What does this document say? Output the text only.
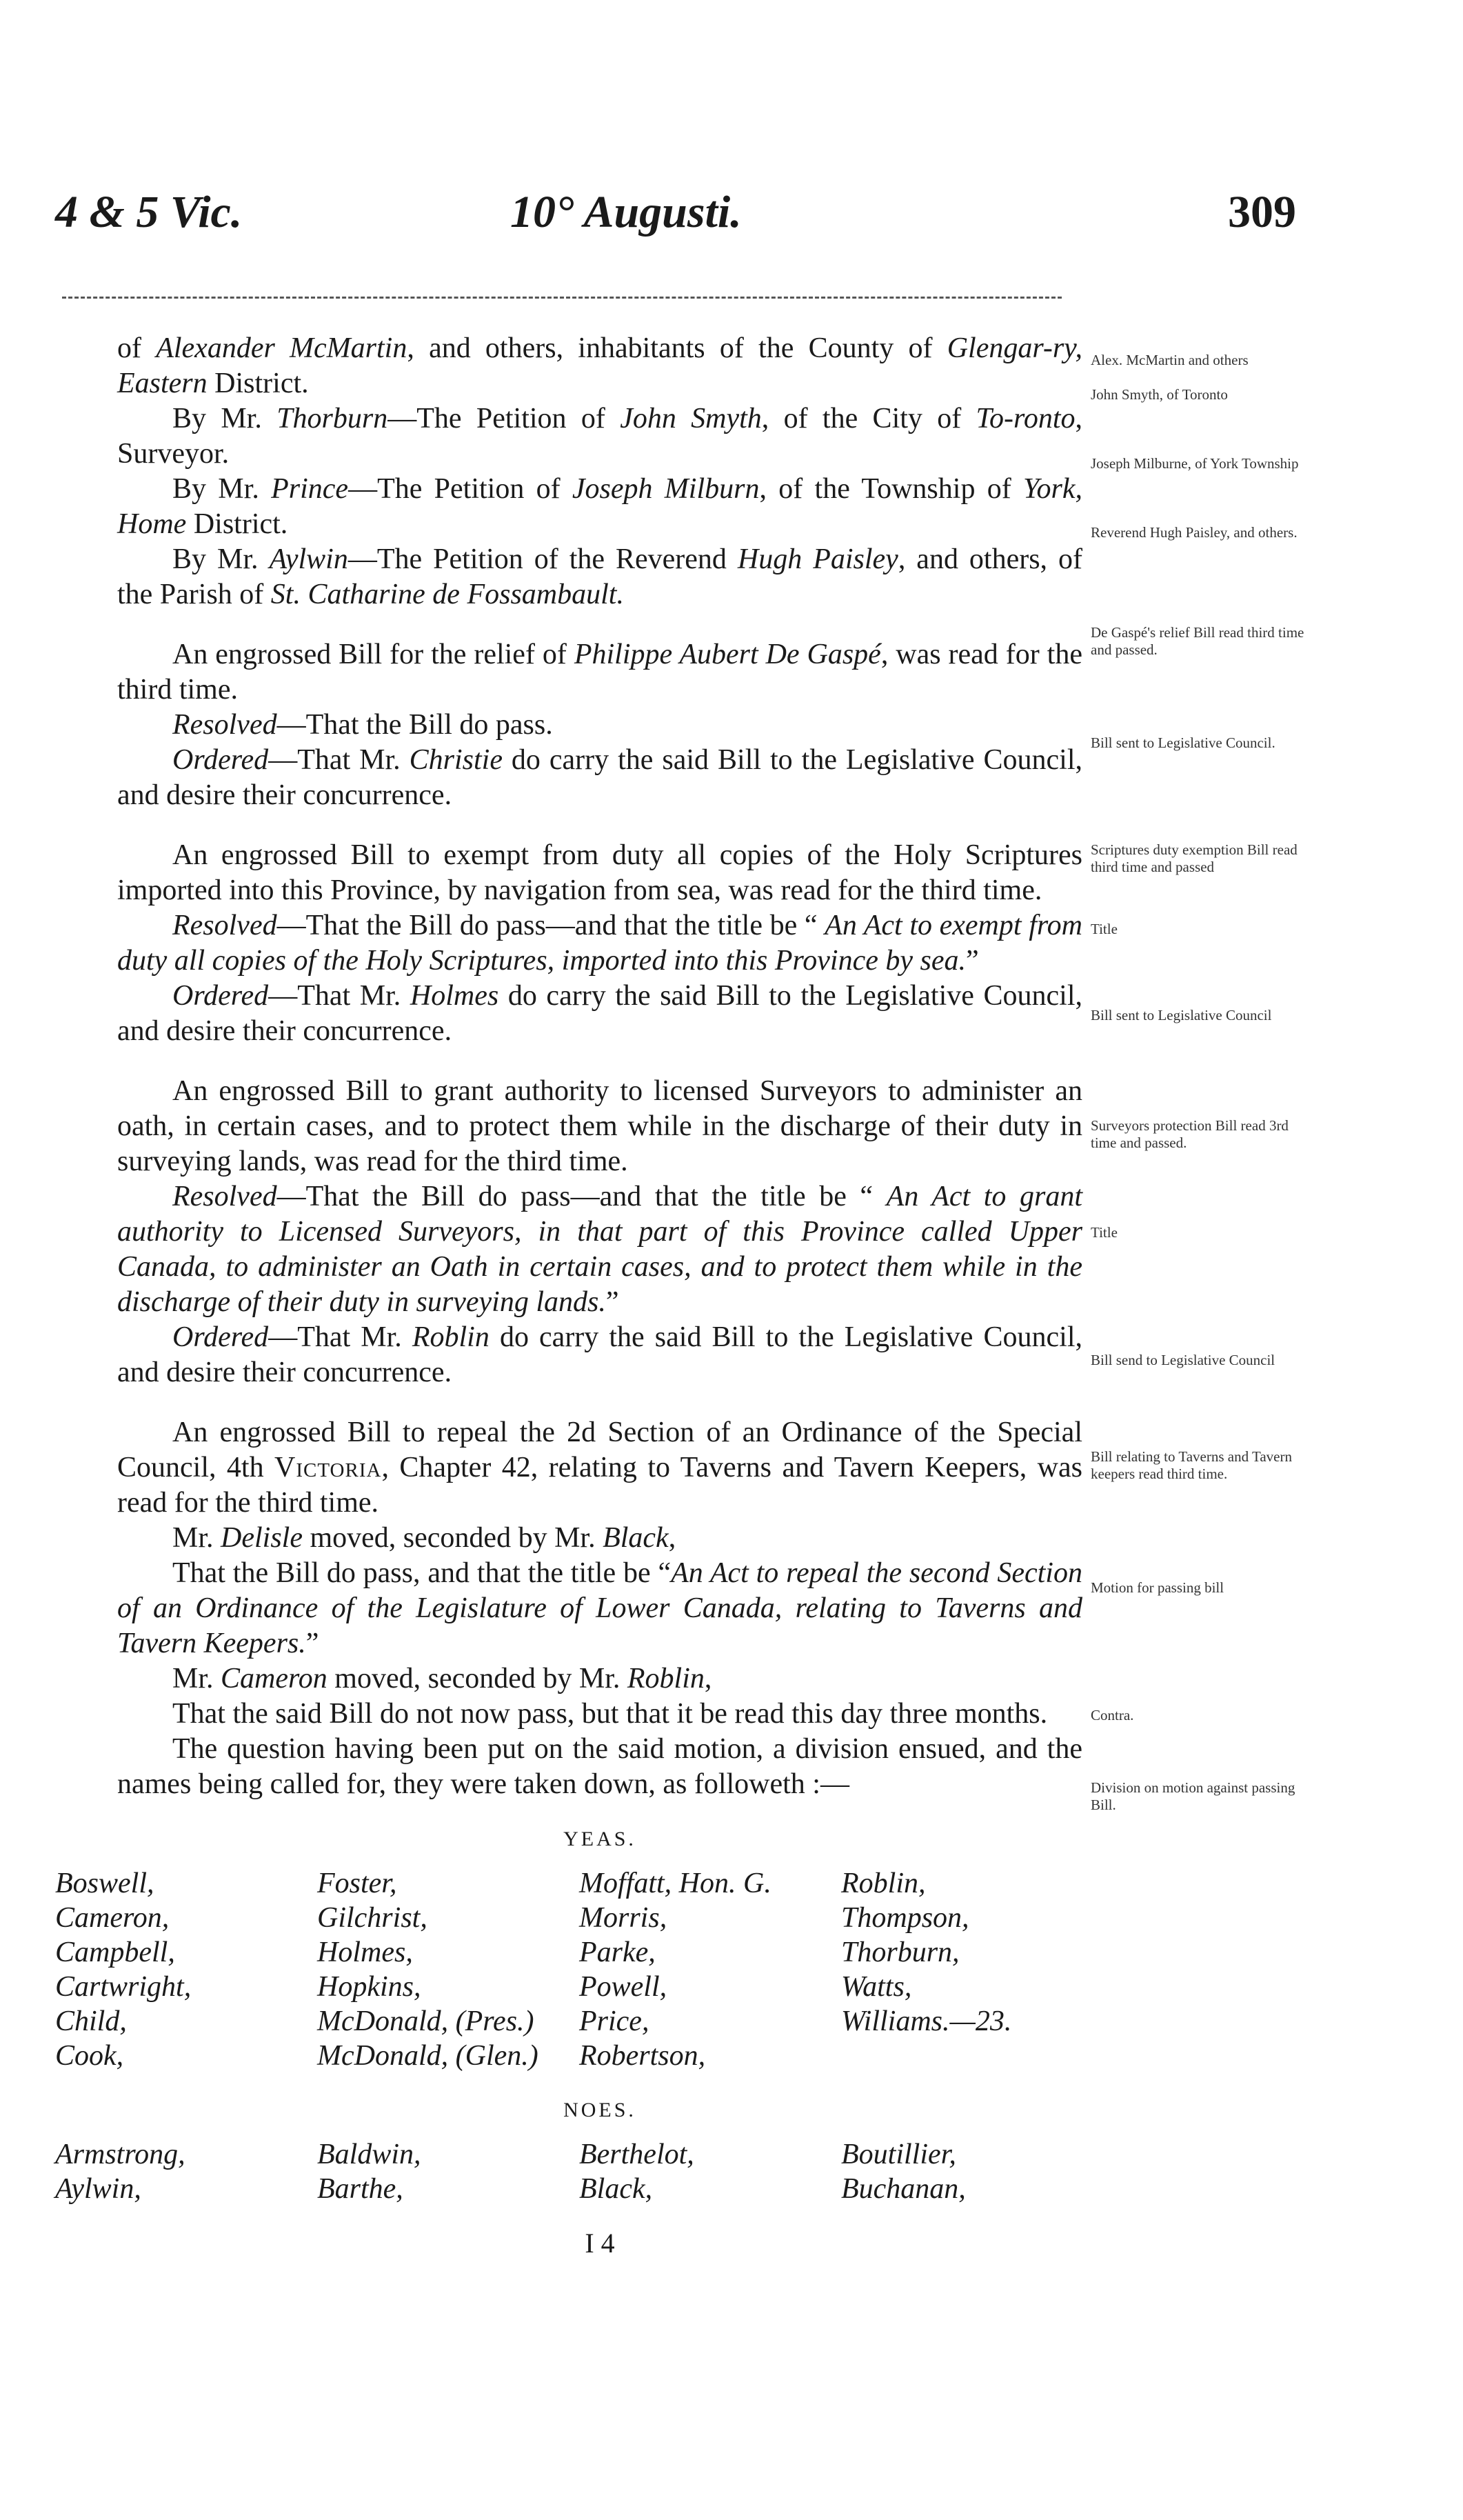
4 & 5 Vic.	10° Augusti.	309

of Alexander McMartin, and others, inhabitants of the County of Glengar-ry, Eastern District.

By Mr. Thorburn—The Petition of John Smyth, of the City of To-ronto, Surveyor.

By Mr. Prince—The Petition of Joseph Milburn, of the Township of York, Home District.

By Mr. Aylwin—The Petition of the Reverend Hugh Paisley, and others, of the Parish of St. Catharine de Fossambault.

An engrossed Bill for the relief of Philippe Aubert De Gaspé, was read for the third time.

Resolved—That the Bill do pass.

Ordered—That Mr. Christie do carry the said Bill to the Legislative Council, and desire their concurrence.

An engrossed Bill to exempt from duty all copies of the Holy Scriptures imported into this Province, by navigation from sea, was read for the third time.

Resolved—That the Bill do pass—and that the title be “ An Act to exempt from duty all copies of the Holy Scriptures, imported into this Province by sea.”

Ordered—That Mr. Holmes do carry the said Bill to the Legislative Council, and desire their concurrence.

An engrossed Bill to grant authority to licensed Surveyors to administer an oath, in certain cases, and to protect them while in the discharge of their duty in surveying lands, was read for the third time.

Resolved—That the Bill do pass—and that the title be “ An Act to grant authority to Licensed Surveyors, in that part of this Province called Upper Canada, to administer an Oath in certain cases, and to protect them while in the discharge of their duty in surveying lands.”

Ordered—That Mr. Roblin do carry the said Bill to the Legislative Council, and desire their concurrence.

An engrossed Bill to repeal the 2d Section of an Ordinance of the Special Council, 4th Victoria, Chapter 42, relating to Taverns and Tavern Keepers, was read for the third time.

Mr. Delisle moved, seconded by Mr. Black,

That the Bill do pass, and that the title be “An Act to repeal the second Section of an Ordinance of the Legislature of Lower Canada, relating to Taverns and Tavern Keepers.”

Mr. Cameron moved, seconded by Mr. Roblin,

That the said Bill do not now pass, but that it be read this day three months.

The question having been put on the said motion, a division ensued, and the names being called for, they were taken down, as followeth :—

YEAS.
Boswell,	Foster,	Moffatt, Hon. G.	Roblin,
Cameron,	Gilchrist,	Morris,	Thompson,
Campbell,	Holmes,	Parke,	Thorburn,
Cartwright,	Hopkins,	Powell,	Watts,
Child,	McDonald, (Pres.)	Price,	Williams.—23.
Cook,	McDonald, (Glen.)	Robertson,
NOES.
Armstrong,	Baldwin,	Berthelot,	Boutillier,
Aylwin,	Barthe,	Black,	Buchanan,
I 4
Alex. McMartin and others
John Smyth, of Toronto
Joseph Milburne, of York Township
Reverend Hugh Paisley, and others.
De Gaspé's relief Bill read third time and passed.
Bill sent to Legislative Council.
Scriptures duty exemption Bill read third time and passed
Title
Bill sent to Legislative Council
Surveyors protection Bill read 3rd time and passed.
Title
Bill send to Legislative Council
Bill relating to Taverns and Tavern keepers read third time.
Motion for passing bill
Contra.
Division on motion against passing Bill.
